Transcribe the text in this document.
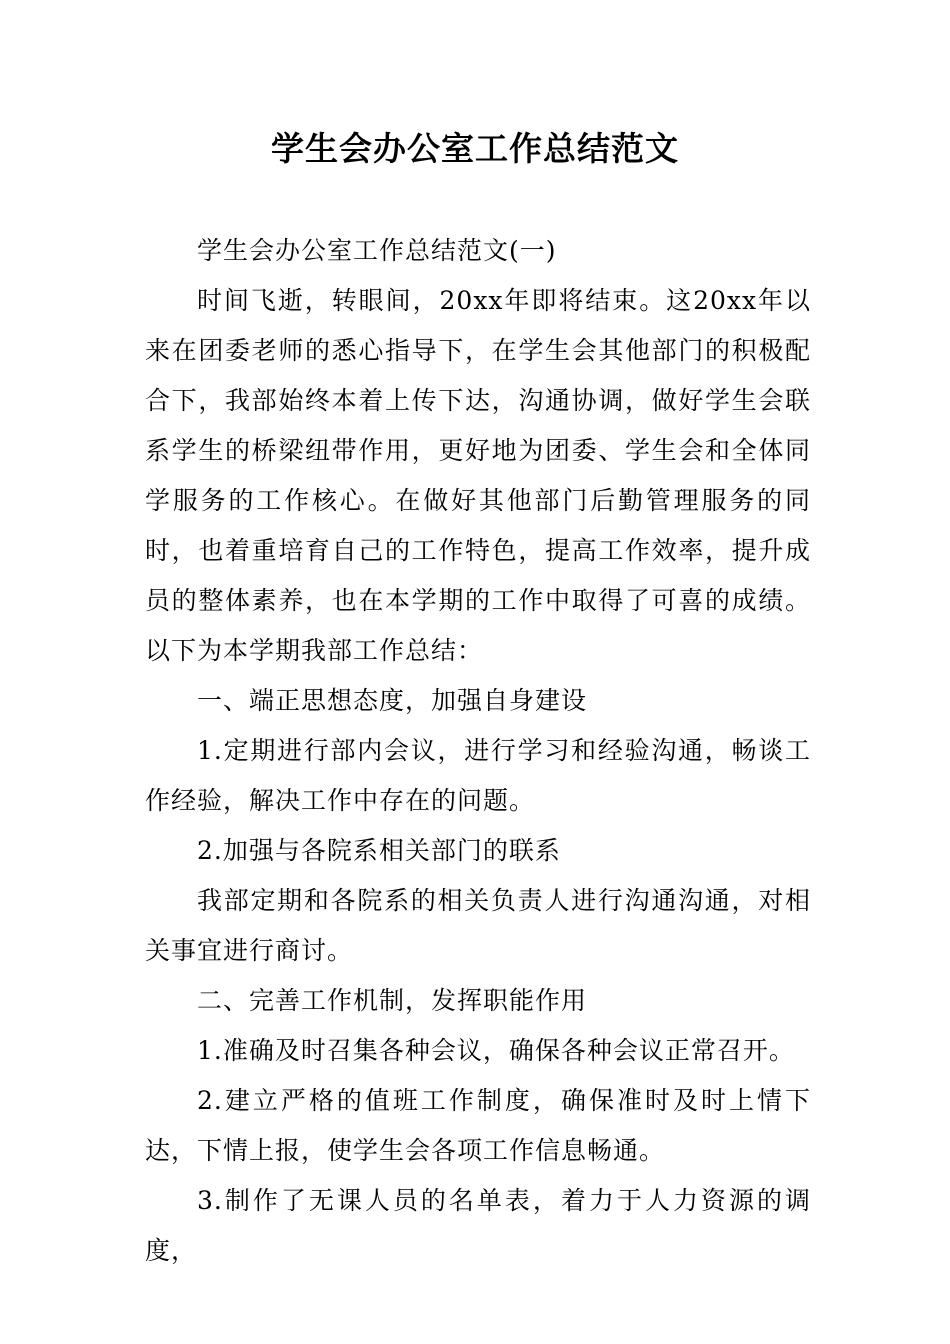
学生会办公室工作总结范文

学生会办公室工作总结范文(一)

时间飞逝，转眼间，20xx年即将结束。这20xx年以来在团委老师的悉心指导下，在学生会其他部门的积极配合下，我部始终本着上传下达，沟通协调，做好学生会联系学生的桥梁纽带作用，更好地为团委、学生会和全体同学服务的工作核心。在做好其他部门后勤管理服务的同时，也着重培育自己的工作特色，提高工作效率，提升成员的整体素养，也在本学期的工作中取得了可喜的成绩。以下为本学期我部工作总结：

一、端正思想态度，加强自身建设

1.定期进行部内会议，进行学习和经验沟通，畅谈工作经验，解决工作中存在的问题。

2.加强与各院系相关部门的联系

我部定期和各院系的相关负责人进行沟通沟通，对相关事宜进行商讨。

二、完善工作机制，发挥职能作用

1.准确及时召集各种会议，确保各种会议正常召开。

2.建立严格的值班工作制度，确保准时及时上情下达，下情上报，使学生会各项工作信息畅通。

3.制作了无课人员的名单表，着力于人力资源的调度，
